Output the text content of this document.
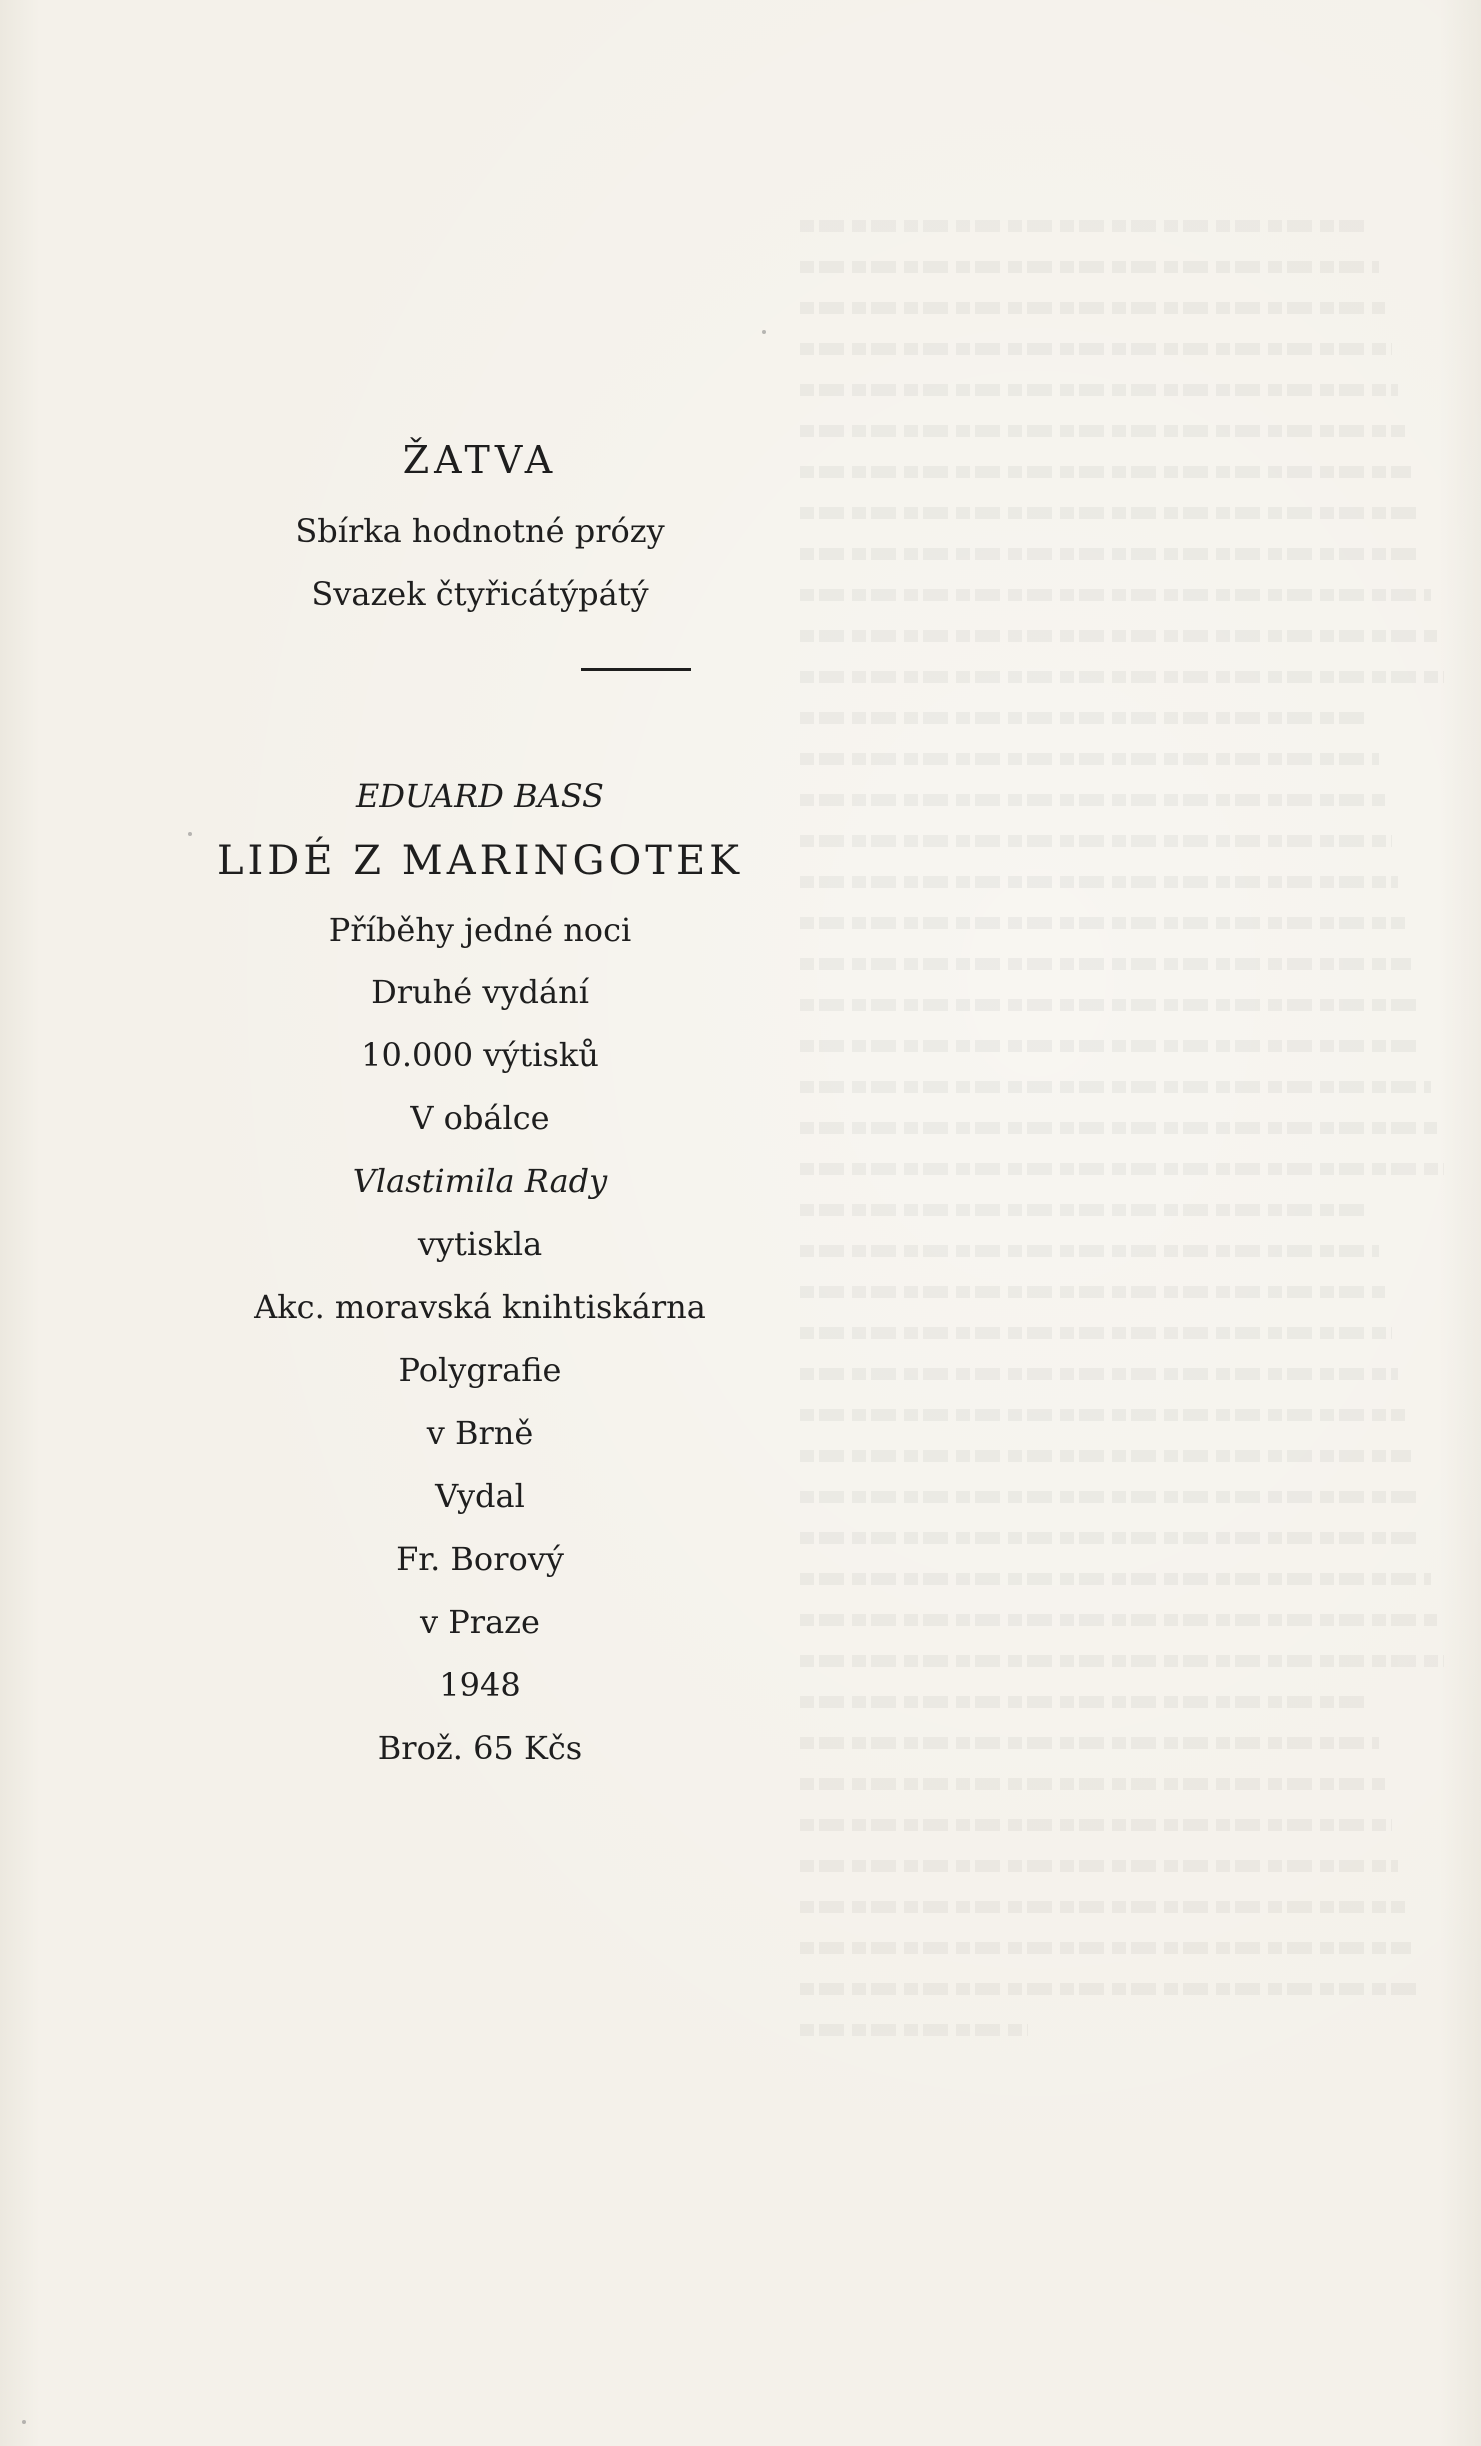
ŽATVA
Sbírka hodnotné prózy
Svazek čtyřicátýpátý
EDUARD BASS
LIDÉ Z MARINGOTEK
Příběhy jedné noci
Druhé vydání
10.000 výtisků
V obálce
Vlastimila Rady
vytiskla
Akc. moravská knihtiskárna
Polygrafie
v Brně
Vydal
Fr. Borový
v Praze
1948
Brož. 65 Kčs
